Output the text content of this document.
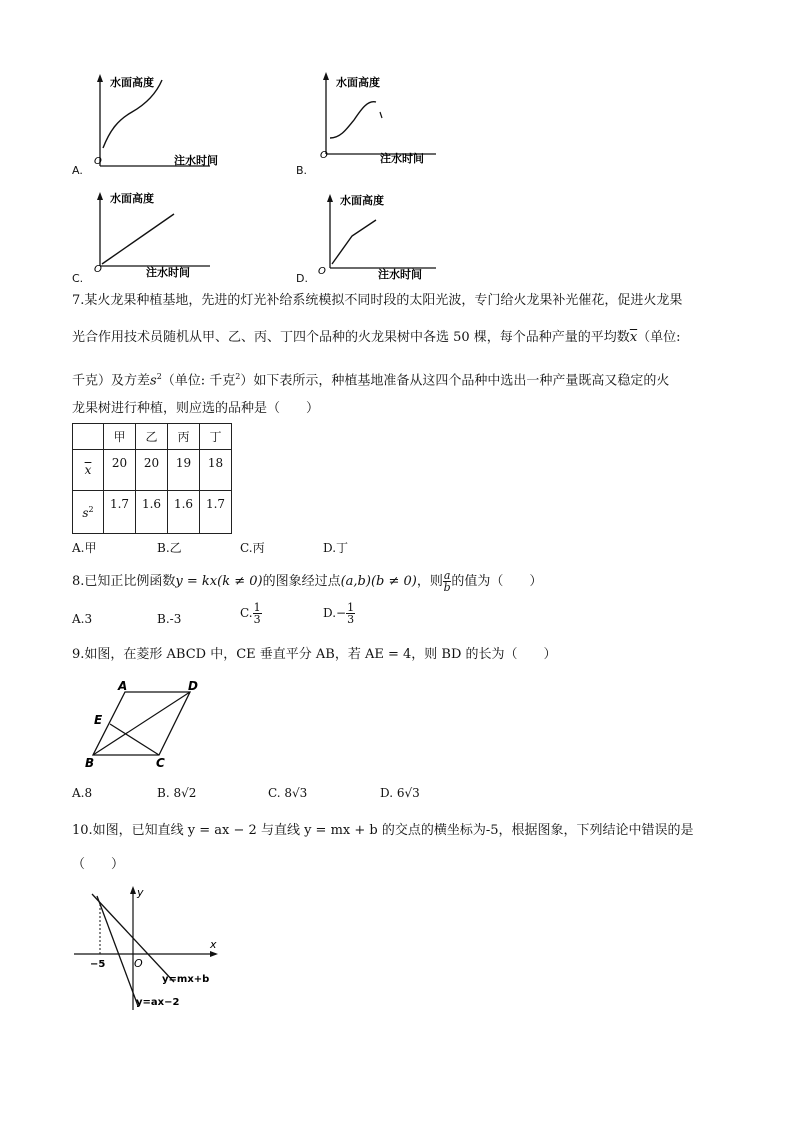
水面高度
O	注水时间
A.
水面高度
O	注水时间
B.
水面高度
O	注水时间
C.
水面高度
O	注水时间
D.
7.某火龙果种植基地，先进的灯光补给系统模拟不同时段的太阳光波，专门给火龙果补光催花，促进火龙果
光合作用技术员随机从甲、乙、丙、丁四个品种的火龙果树中各选 50 棵，每个品种产量的平均数$\overline{x}$（单位:
千克）及方差$s^2$（单位: 千克$^2$）如下表所示，种植基地准备从这四个品种中选出一种产量既高又稳定的火
龙果树进行种植，则应选的品种是（　　）
	甲	乙	丙	丁
$\overline{x}$	20	20	19	18
$s^2$	1.7	1.6	1.6	1.7
A.甲	B.乙	C.丙	D.丁
8.已知正比例函数y = kx(k ≠ 0)的图象经过点(a,b)(b ≠ 0)，则 $\frac{a}{b}$ 的值为（　　）
A.3	B.-3	C. $\frac{1}{3}$	$D.- \frac{1}{3}$
9.如图，在菱形 ABCD 中，CE 垂直平分 AB，若 AE = 4，则 BD 的长为（　　）
A	D
E
B	C
A.8	B. 8√2	C. 8√3	D. 6√3
10.如图，已知直线 y = ax − 2 与直线 y = mx + b 的交点的横坐标为-5，根据图象，下列结论中错误的是
（　　）
y
x
O
−5
y=mx+b
y=ax−2
